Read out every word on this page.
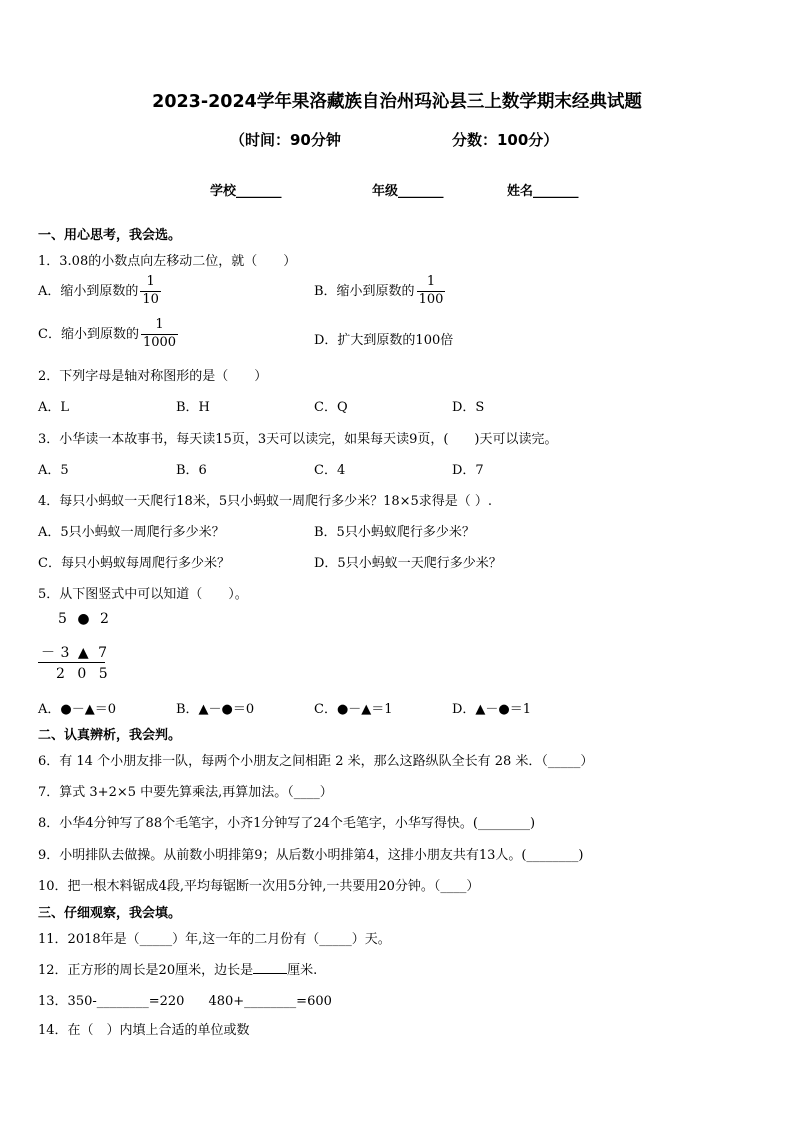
2023-2024学年果洛藏族自治州玛沁县三上数学期末经典试题
（时间：90分钟	分数：100分）
学校_______	年级_______	姓名_______
一、用心思考，我会选。
1．3.08的小数点向左移动二位，就（　　）
A．缩小到原数的 $\frac{1}{10}$	B．缩小到原数的 $\frac{1}{100}$
C．缩小到原数的 $\frac{1}{1000}$	D．扩大到原数的100倍
2．下列字母是轴对称图形的是（　　）
A．L	B．H	C．Q	D．S
3．小华读一本故事书，每天读15页，3天可以读完，如果每天读9页，(　　)天可以读完。
A．5	B．6	C．4	D．7
4．每只小蚂蚁一天爬行18米，5只小蚂蚁一周爬行多少米？18×5求得是（ ）.
A．5只小蚂蚁一周爬行多少米？	B．5只小蚂蚁爬行多少米？
C．每只小蚂蚁每周爬行多少米？	D．5只小蚂蚁一天爬行多少米？
5．从下图竖式中可以知道（　　）。
5 ● 2
－ 3 ▲ 7
2 0 5
A．●－▲＝0	B．▲－●＝0	C．●－▲＝1	D．▲－●＝1
二、认真辨析，我会判。
6．有 14 个小朋友排一队，每两个小朋友之间相距 2 米，那么这路纵队全长有 28 米．（_____）
7．算式 3+2×5 中要先算乘法,再算加法。（____）
8．小华4分钟写了88个毛笔字，小齐1分钟写了24个毛笔字，小华写得快。(________)
9．小明排队去做操。从前数小明排第9；从后数小明排第4，这排小朋友共有13人。(________)
10．把一根木料锯成4段,平均每锯断一次用5分钟,一共要用20分钟。（____）
三、仔细观察，我会填。
11．2018年是（_____）年,这一年的二月份有（_____）天。
12．正方形的周长是20厘米，边长是	厘米.
13．350-________=220 480+________=600
14．在（　）内填上合适的单位或数
